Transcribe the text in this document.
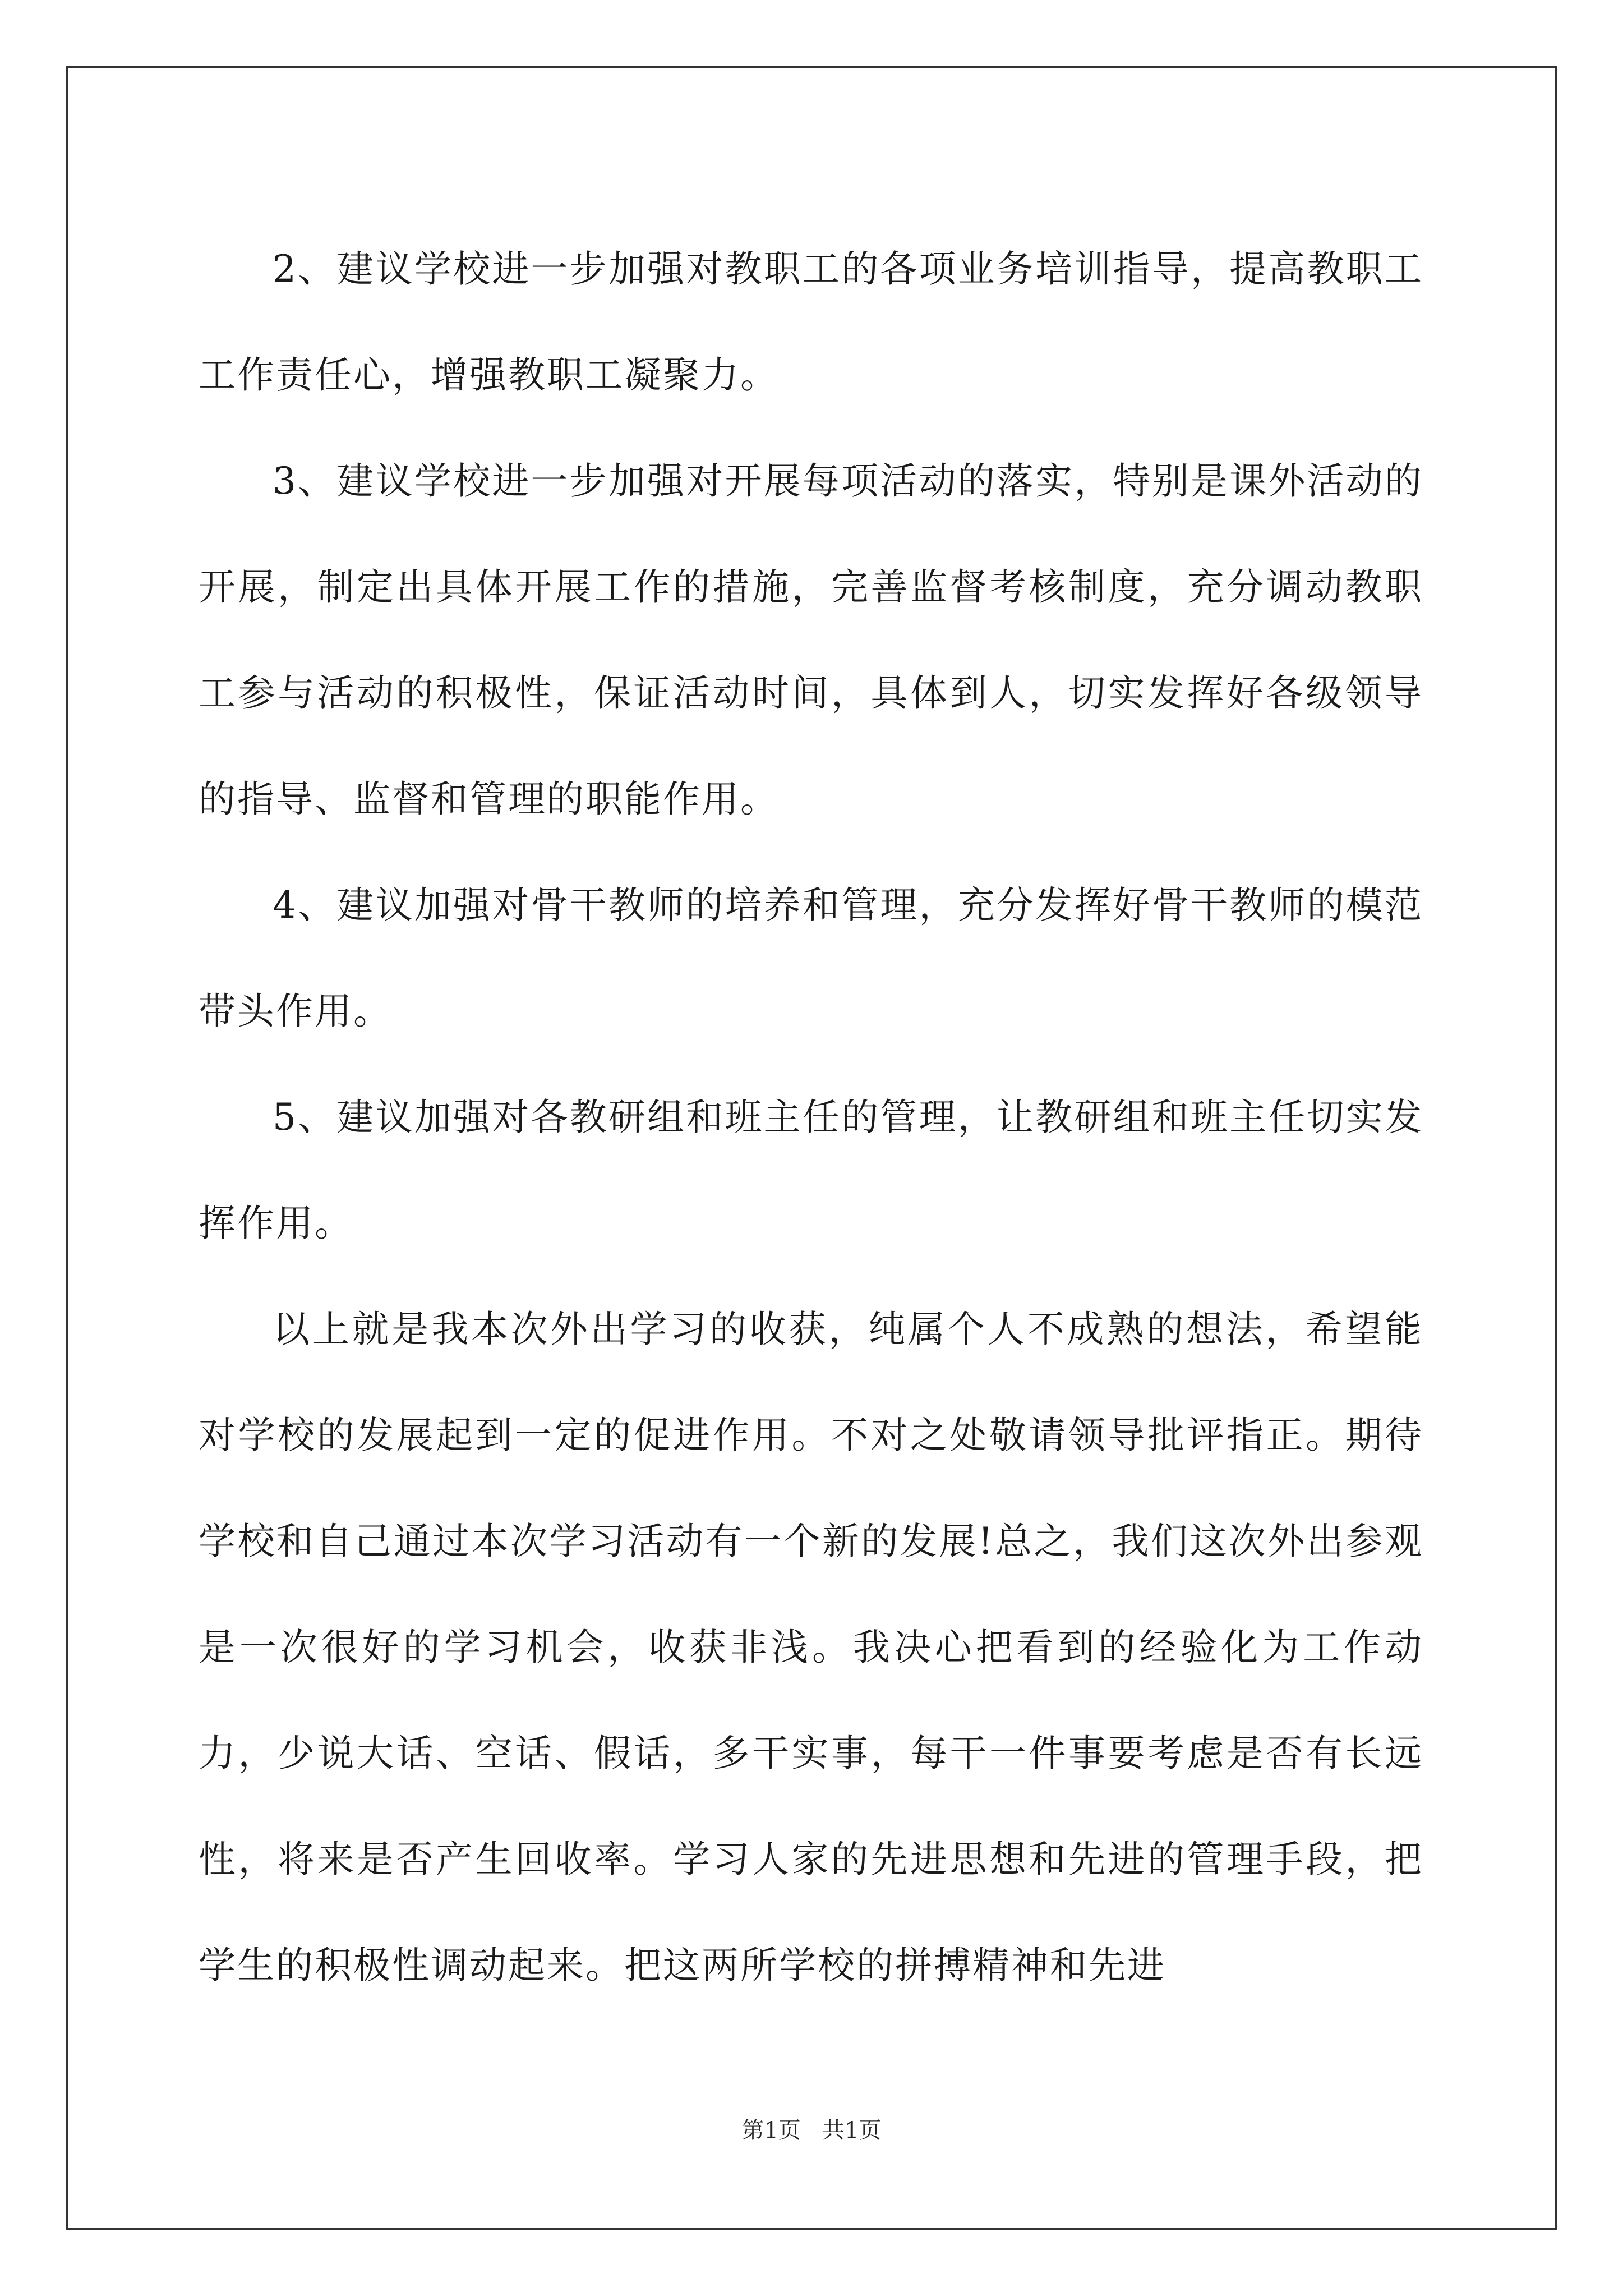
2、建议学校进一步加强对教职工的各项业务培训指导，提高教职工工作责任心，增强教职工凝聚力。

3、建议学校进一步加强对开展每项活动的落实，特别是课外活动的开展，制定出具体开展工作的措施，完善监督考核制度，充分调动教职工参与活动的积极性，保证活动时间，具体到人，切实发挥好各级领导的指导、监督和管理的职能作用。

4、建议加强对骨干教师的培养和管理，充分发挥好骨干教师的模范带头作用。

5、建议加强对各教研组和班主任的管理，让教研组和班主任切实发挥作用。

以上就是我本次外出学习的收获，纯属个人不成熟的想法，希望能对学校的发展起到一定的促进作用。不对之处敬请领导批评指正。期待学校和自己通过本次学习活动有一个新的发展!总之，我们这次外出参观是一次很好的学习机会，收获非浅。我决心把看到的经验化为工作动力，少说大话、空话、假话，多干实事，每干一件事要考虑是否有长远性，将来是否产生回收率。学习人家的先进思想和先进的管理手段，把学生的积极性调动起来。把这两所学校的拼搏精神和先进

第1页   共1页
